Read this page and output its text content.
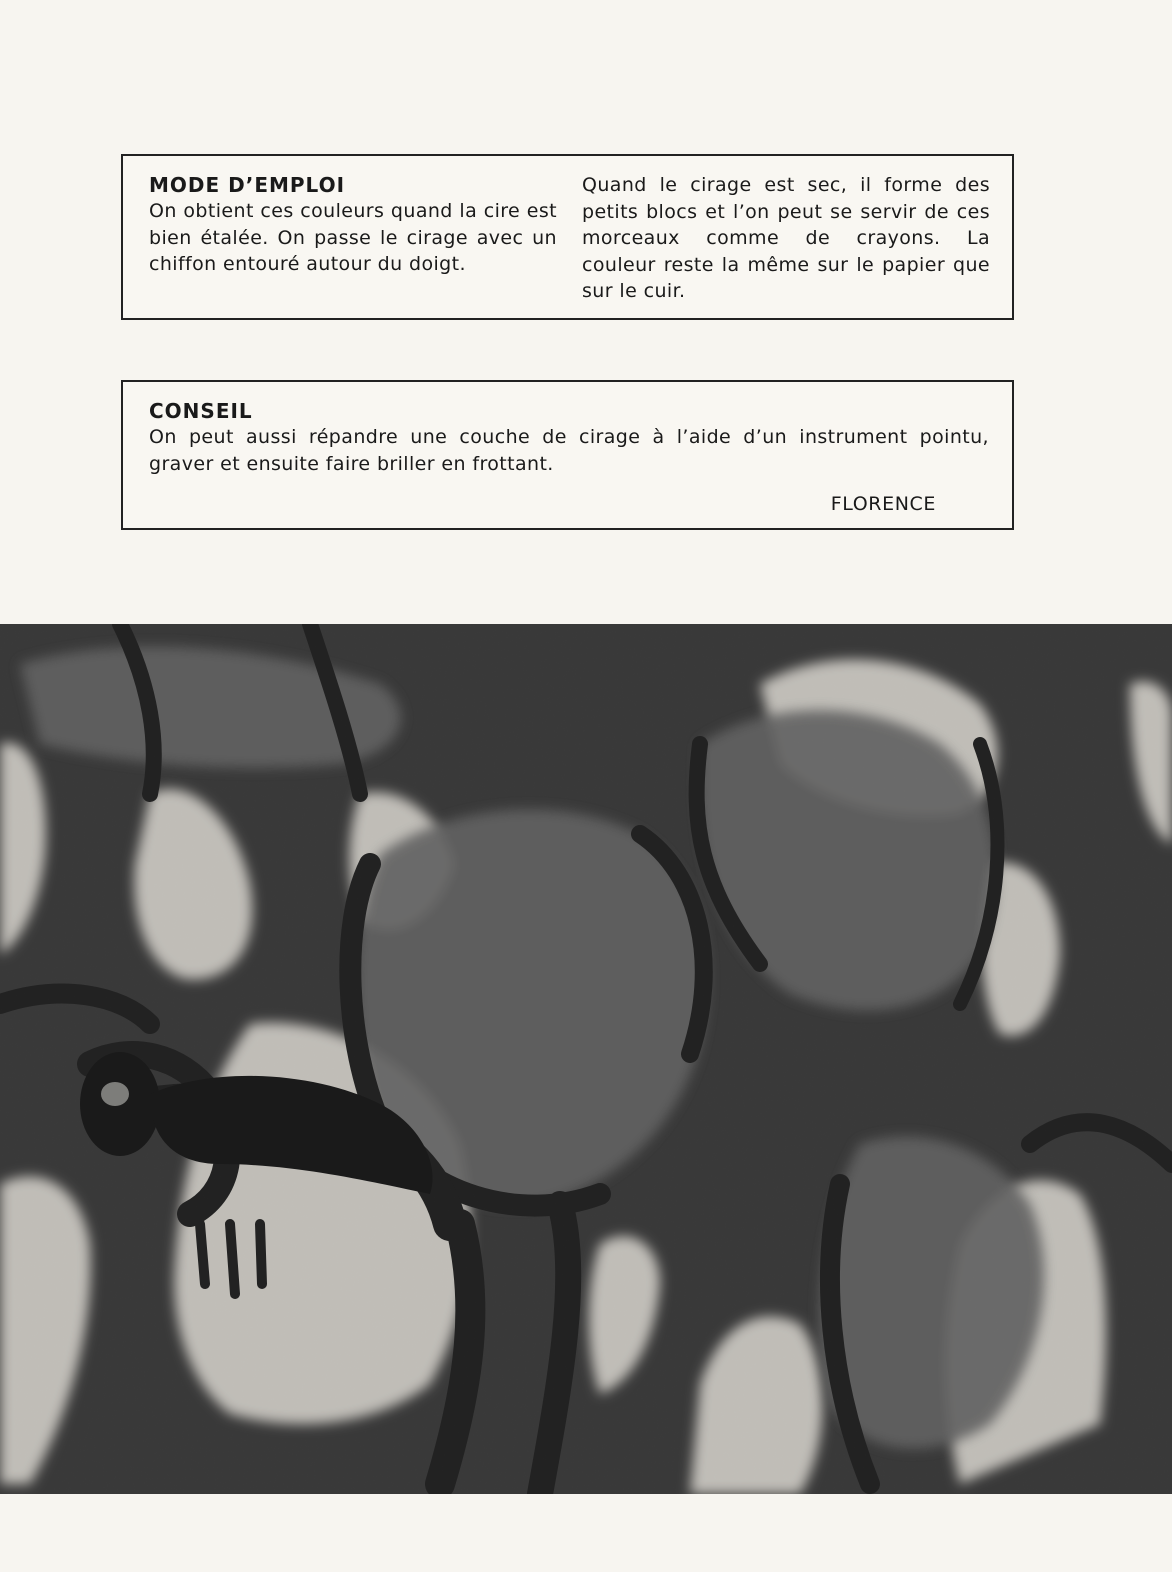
MODE D’EMPLOI
On obtient ces couleurs quand la cire est bien étalée. On passe le cirage avec un chiffon entouré autour du doigt.
Quand le cirage est sec, il forme des petits blocs et l’on peut se servir de ces morceaux comme de crayons. La couleur reste la même sur le papier que sur le cuir.
CONSEIL
On peut aussi répandre une couche de cirage à l’aide d’un instrument pointu, graver et ensuite faire briller en frottant.
FLORENCE
